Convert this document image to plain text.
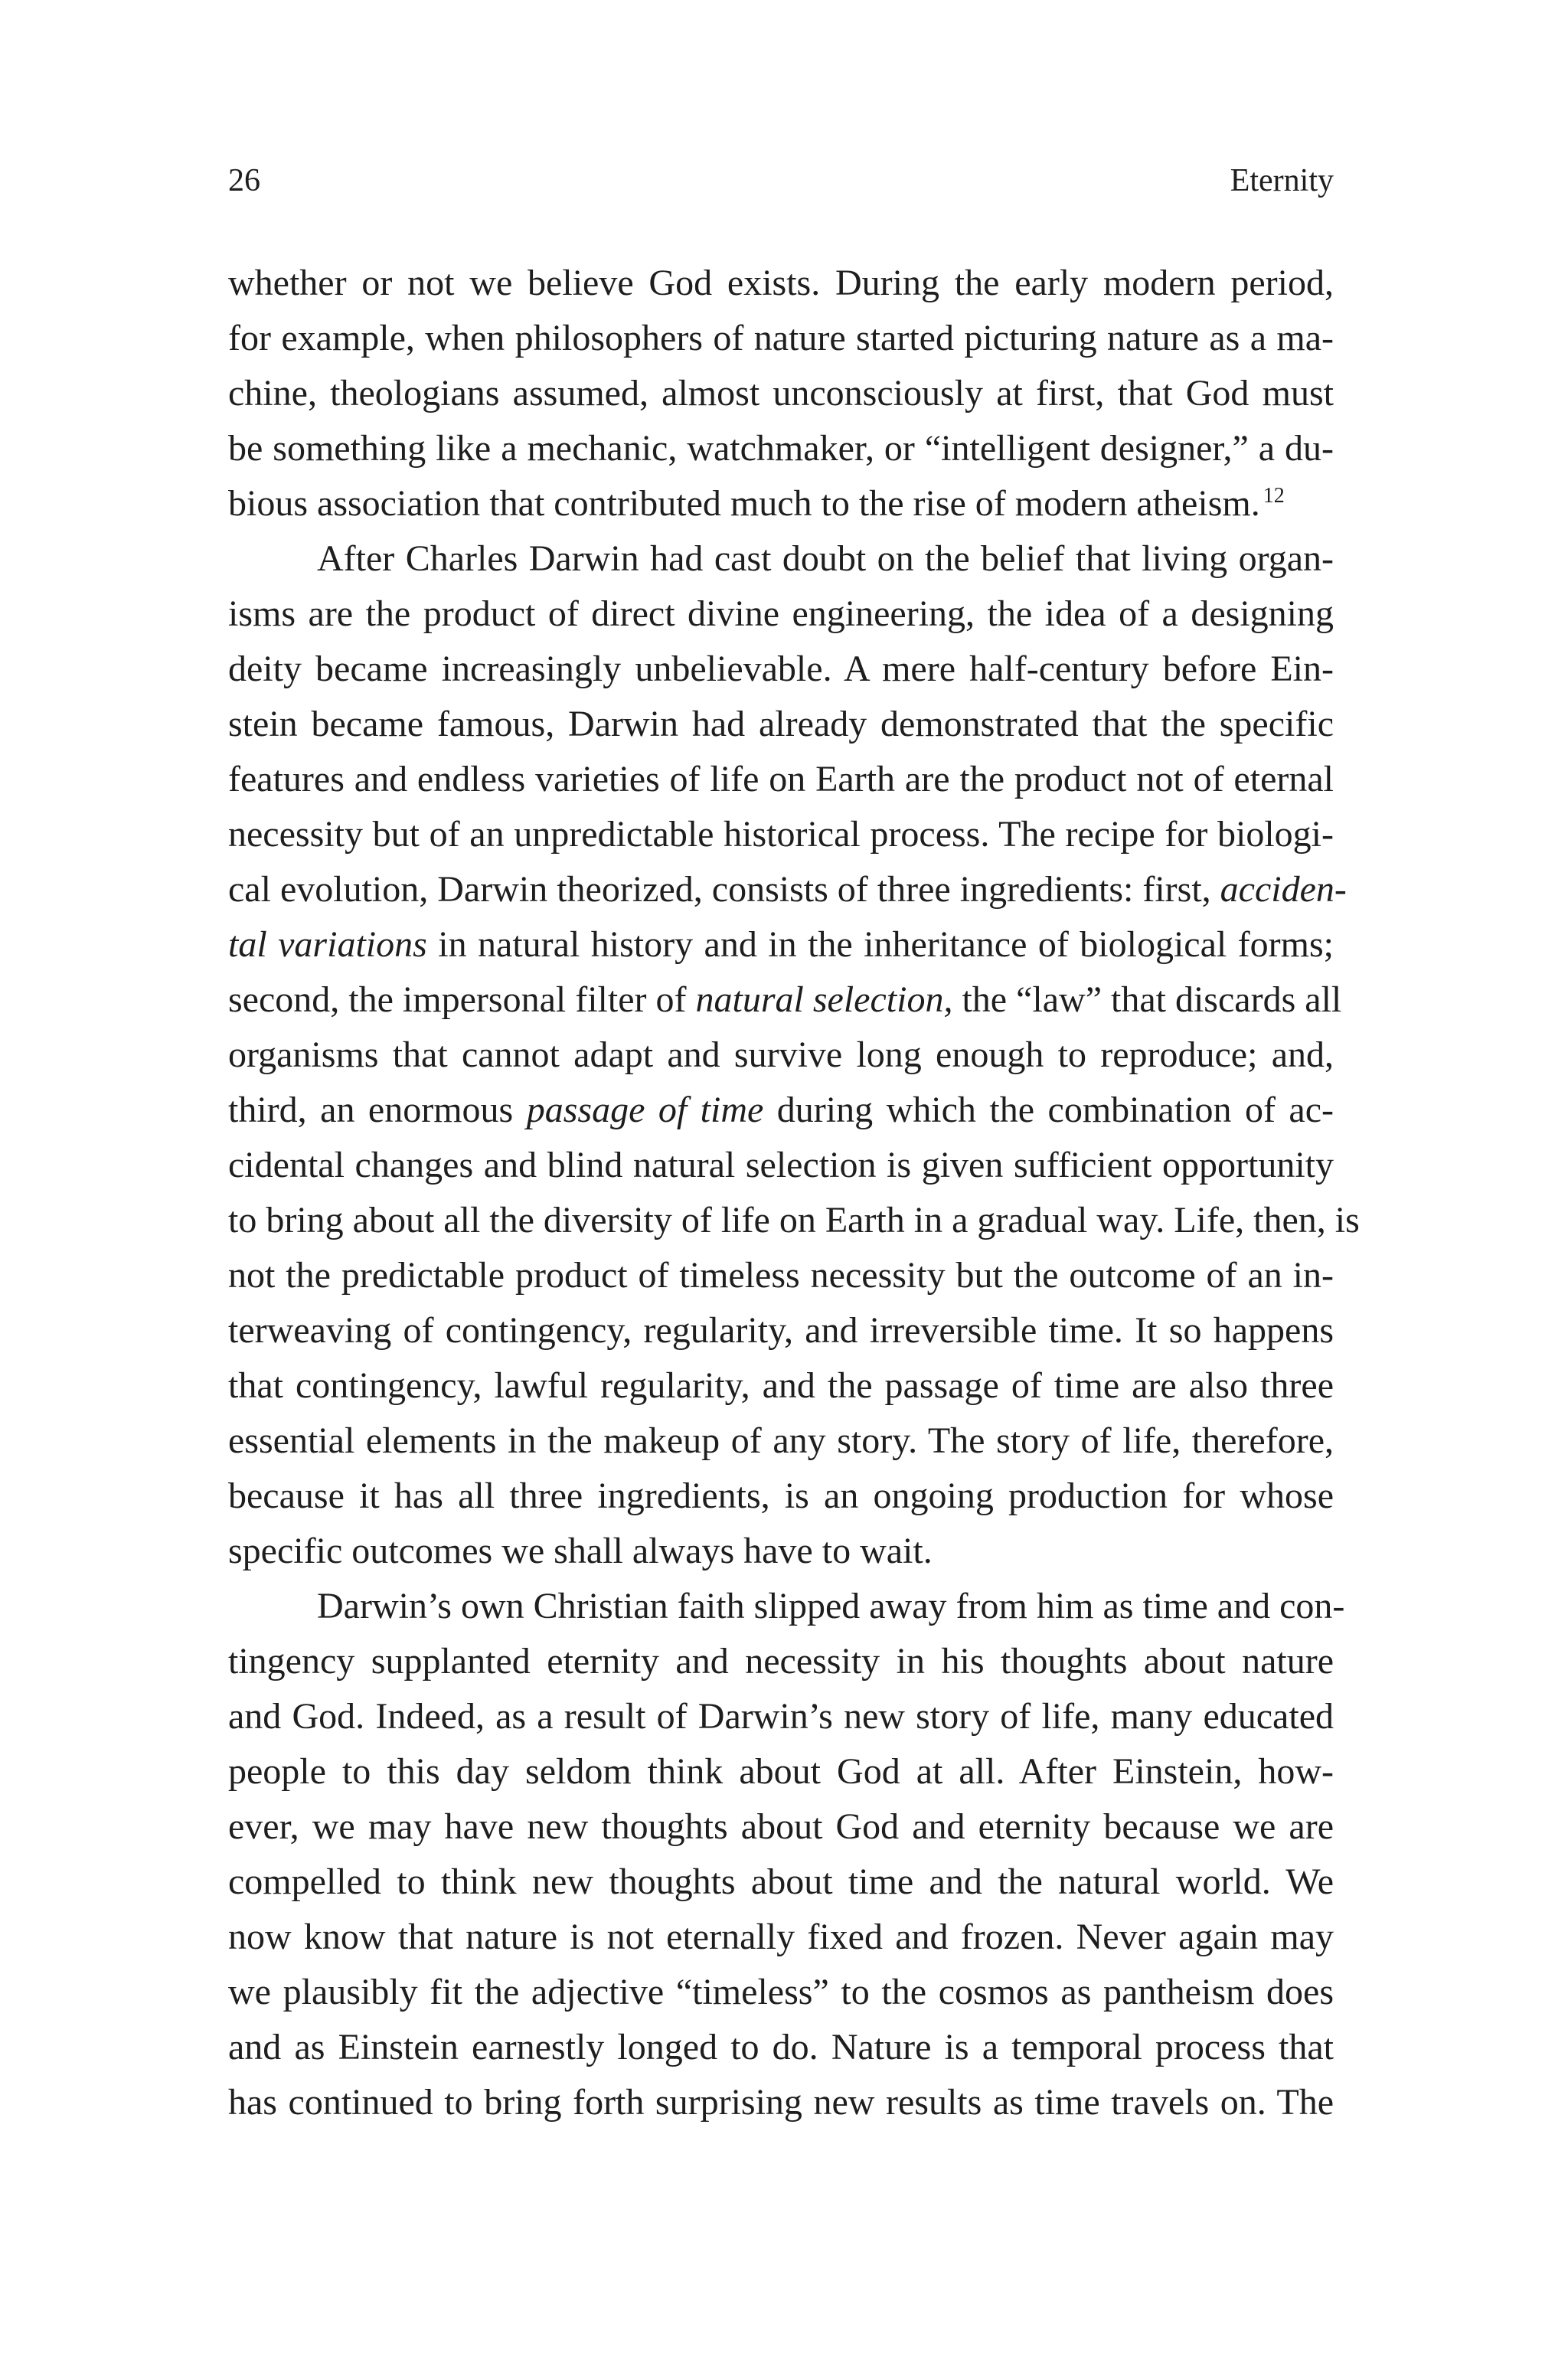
26	Eternity
whether or not we believe God exists. During the early modern period,
for example, when philosophers of nature started picturing nature as a ma-
chine, theologians assumed, almost unconsciously at first, that God must
be something like a mechanic, watchmaker, or “intelligent designer,” a du-
bious association that contributed much to the rise of modern atheism. $^{12}$
After Charles Darwin had cast doubt on the belief that living organ-
isms are the product of direct divine engineering, the idea of a designing
deity became increasingly unbelievable. A mere half-century before Ein-
stein became famous, Darwin had already demonstrated that the specific
features and endless varieties of life on Earth are the product not of eternal
necessity but of an unpredictable historical process. The recipe for biologi-
cal evolution, Darwin theorized, consists of three ingredients: first, acciden-
tal variations in natural history and in the inheritance of biological forms;
second, the impersonal filter of natural selection, the “law” that discards all
organisms that cannot adapt and survive long enough to reproduce; and,
third, an enormous passage of time during which the combination of ac-
cidental changes and blind natural selection is given sufficient opportunity
to bring about all the diversity of life on Earth in a gradual way. Life, then, is
not the predictable product of timeless necessity but the outcome of an in-
terweaving of contingency, regularity, and irreversible time. It so happens
that contingency, lawful regularity, and the passage of time are also three
essential elements in the makeup of any story. The story of life, therefore,
because it has all three ingredients, is an ongoing production for whose
specific outcomes we shall always have to wait.
Darwin’s own Christian faith slipped away from him as time and con-
tingency supplanted eternity and necessity in his thoughts about nature
and God. Indeed, as a result of Darwin’s new story of life, many educated
people to this day seldom think about God at all. After Einstein, how-
ever, we may have new thoughts about God and eternity because we are
compelled to think new thoughts about time and the natural world. We
now know that nature is not eternally fixed and frozen. Never again may
we plausibly fit the adjective “timeless” to the cosmos as pantheism does
and as Einstein earnestly longed to do. Nature is a temporal process that
has continued to bring forth surprising new results as time travels on. The
